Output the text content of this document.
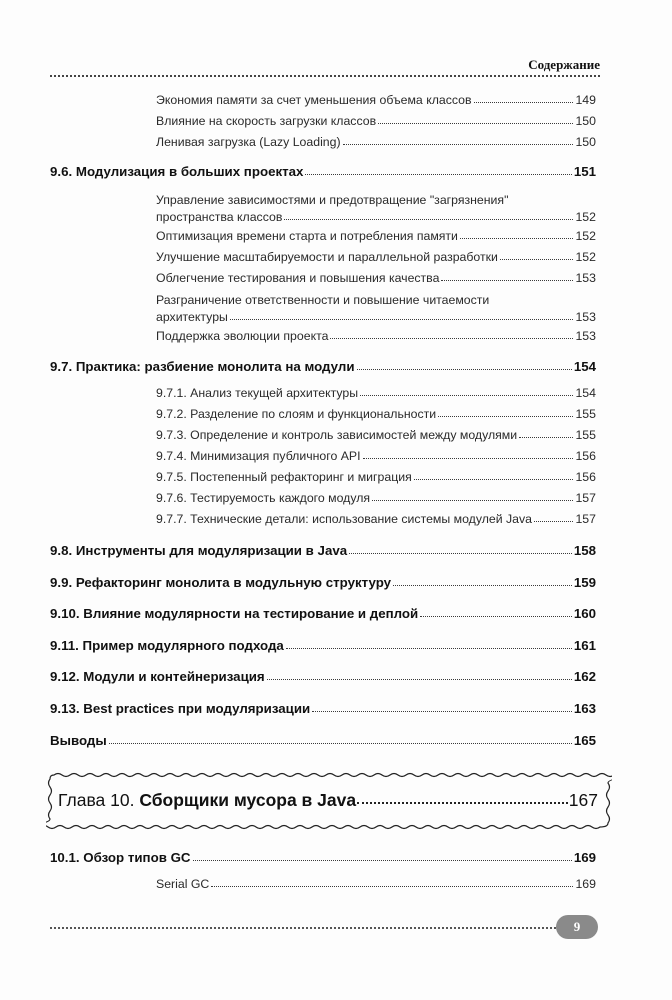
Содержание
Экономия памяти за счет уменьшения объема классов	149
Влияние на скорость загрузки классов	150
Ленивая загрузка (Lazy Loading)	150
9.6. Модулизация в больших проектах	151
Управление зависимостями и предотвращение "загрязнения"
пространства классов	152
Оптимизация времени старта и потребления памяти	152
Улучшение масштабируемости и параллельной разработки	152
Облегчение тестирования и повышения качества	153
Разграничение ответственности и повышение читаемости
архитектуры	153
Поддержка эволюции проекта	153
9.7. Практика: разбиение монолита на модули	154
9.7.1. Анализ текущей архитектуры	154
9.7.2. Разделение по слоям и функциональности	155
9.7.3. Определение и контроль зависимостей между модулями	155
9.7.4. Минимизация публичного API	156
9.7.5. Постепенный рефакторинг и миграция	156
9.7.6. Тестируемость каждого модуля	157
9.7.7. Технические детали: использование системы модулей Java	157
9.8. Инструменты для модуляризации в Java	158
9.9. Рефакторинг монолита в модульную структуру	159
9.10. Влияние модулярности на тестирование и деплой	160
9.11. Пример модулярного подхода	161
9.12. Модули и контейнеризация	162
9.13. Best practices при модуляризации	163
Выводы	165
Глава 10. Сборщики мусора в Java	167
10.1. Обзор типов GC	169
Serial GC	169
9
